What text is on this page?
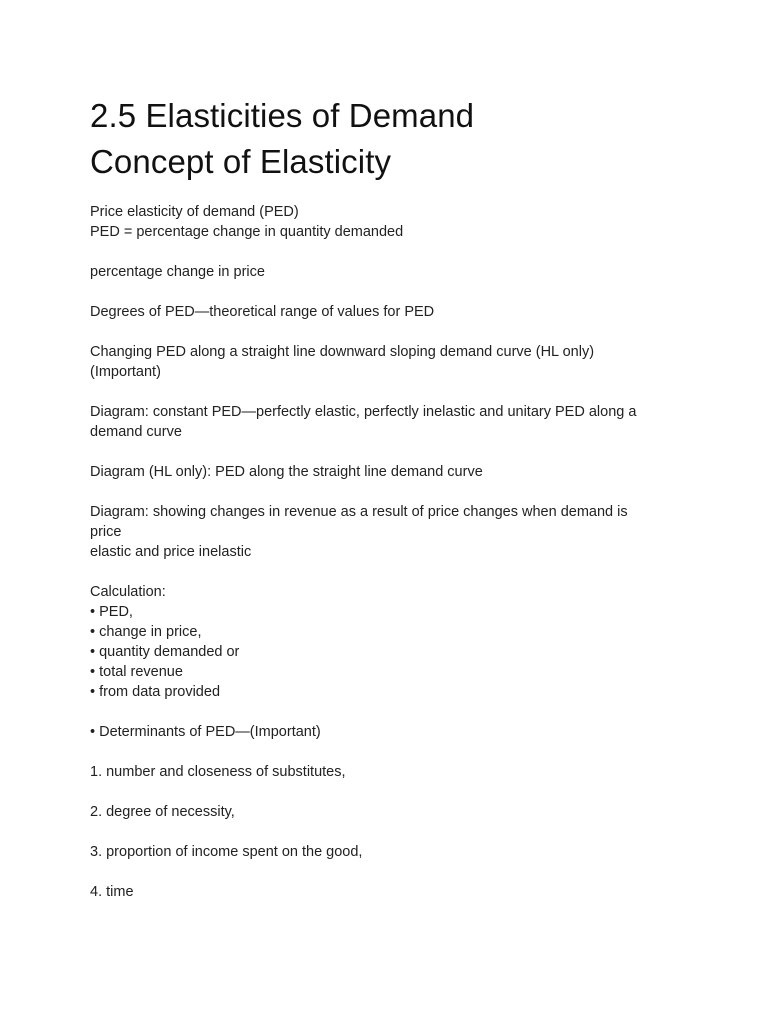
2.5 Elasticities of Demand
Concept of Elasticity
Price elasticity of demand (PED)
PED = percentage change in quantity demanded
percentage change in price
Degrees of PED—theoretical range of values for PED
Changing PED along a straight line downward sloping demand curve (HL only)
(Important)
Diagram: constant PED—perfectly elastic, perfectly inelastic and unitary PED along a
demand curve
Diagram (HL only): PED along the straight line demand curve
Diagram: showing changes in revenue as a result of price changes when demand is
price
elastic and price inelastic
Calculation:
• PED,
• change in price,
• quantity demanded or
• total revenue
• from data provided
• Determinants of PED—(Important)
1. number and closeness of substitutes,
2. degree of necessity,
3. proportion of income spent on the good,
4. time
